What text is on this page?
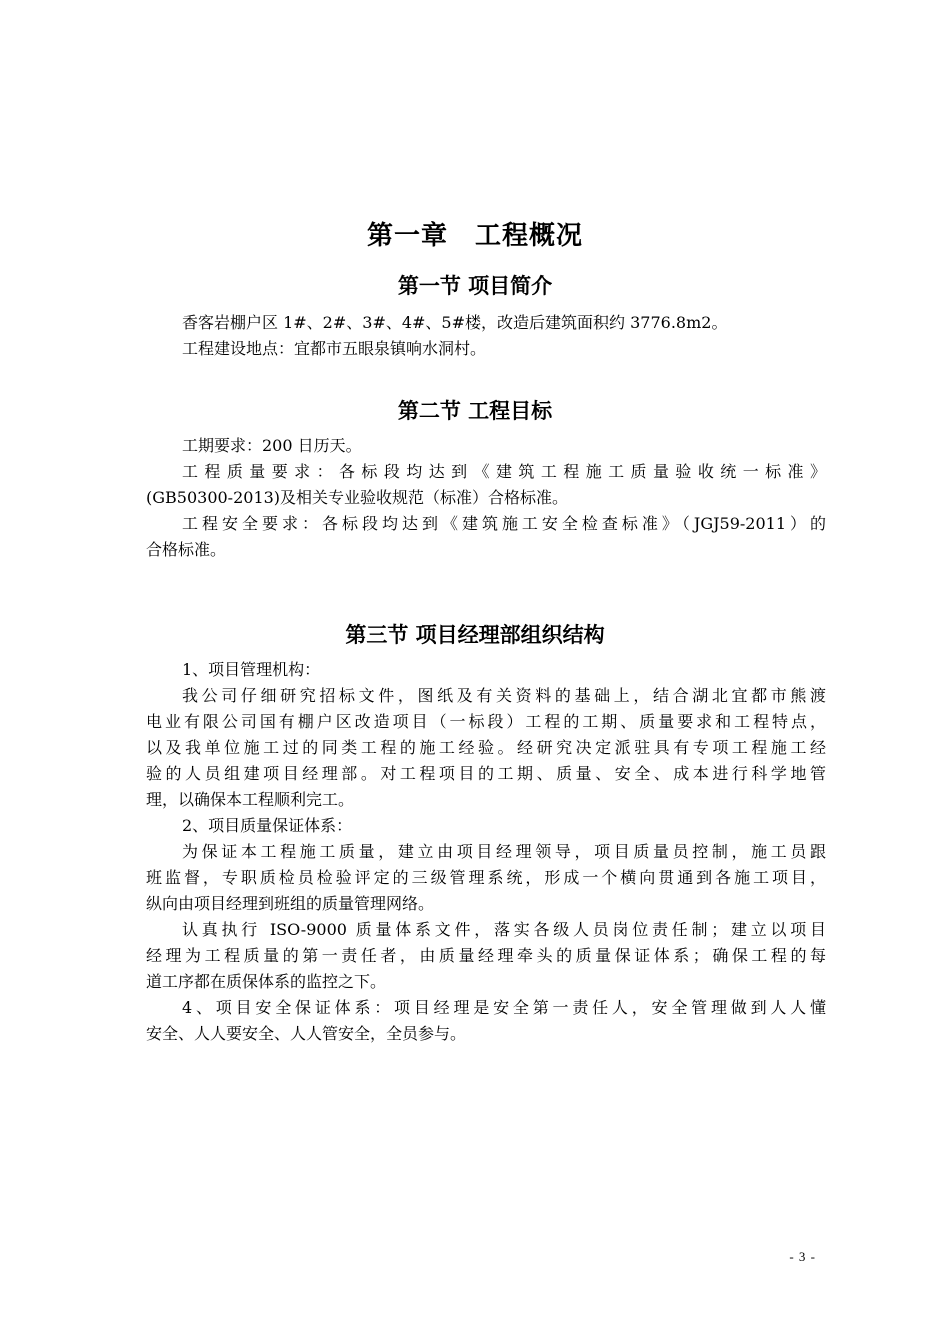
第一章　工程概况
第一节 项目简介
香客岩棚户区 1#、2#、3#、4#、5#楼，改造后建筑面积约 3776.8m2。
工程建设地点：宜都市五眼泉镇响水洞村。
第二节 工程目标
工期要求：200 日历天。
工程质量要求：各标段均达到《建筑工程施工质量验收统一标准》
(GB50300-2013)及相关专业验收规范（标准）合格标准。
工程安全要求：各标段均达到《建筑施工安全检查标准》（JGJ59-2011）的
合格标准。
第三节 项目经理部组织结构
1、项目管理机构：
我公司仔细研究招标文件，图纸及有关资料的基础上，结合湖北宜都市熊渡
电业有限公司国有棚户区改造项目（一标段）工程的工期、质量要求和工程特点，
以及我单位施工过的同类工程的施工经验。经研究决定派驻具有专项工程施工经
验的人员组建项目经理部。对工程项目的工期、质量、安全、成本进行科学地管
理，以确保本工程顺利完工。
2、项目质量保证体系：
为保证本工程施工质量，建立由项目经理领导，项目质量员控制，施工员跟
班监督，专职质检员检验评定的三级管理系统，形成一个横向贯通到各施工项目，
纵向由项目经理到班组的质量管理网络。
认真执行 ISO-9000 质量体系文件，落实各级人员岗位责任制；建立以项目
经理为工程质量的第一责任者，由质量经理牵头的质量保证体系；确保工程的每
道工序都在质保体系的监控之下。
4、项目安全保证体系：项目经理是安全第一责任人，安全管理做到人人懂
安全、人人要安全、人人管安全，全员参与。
- 3 -
